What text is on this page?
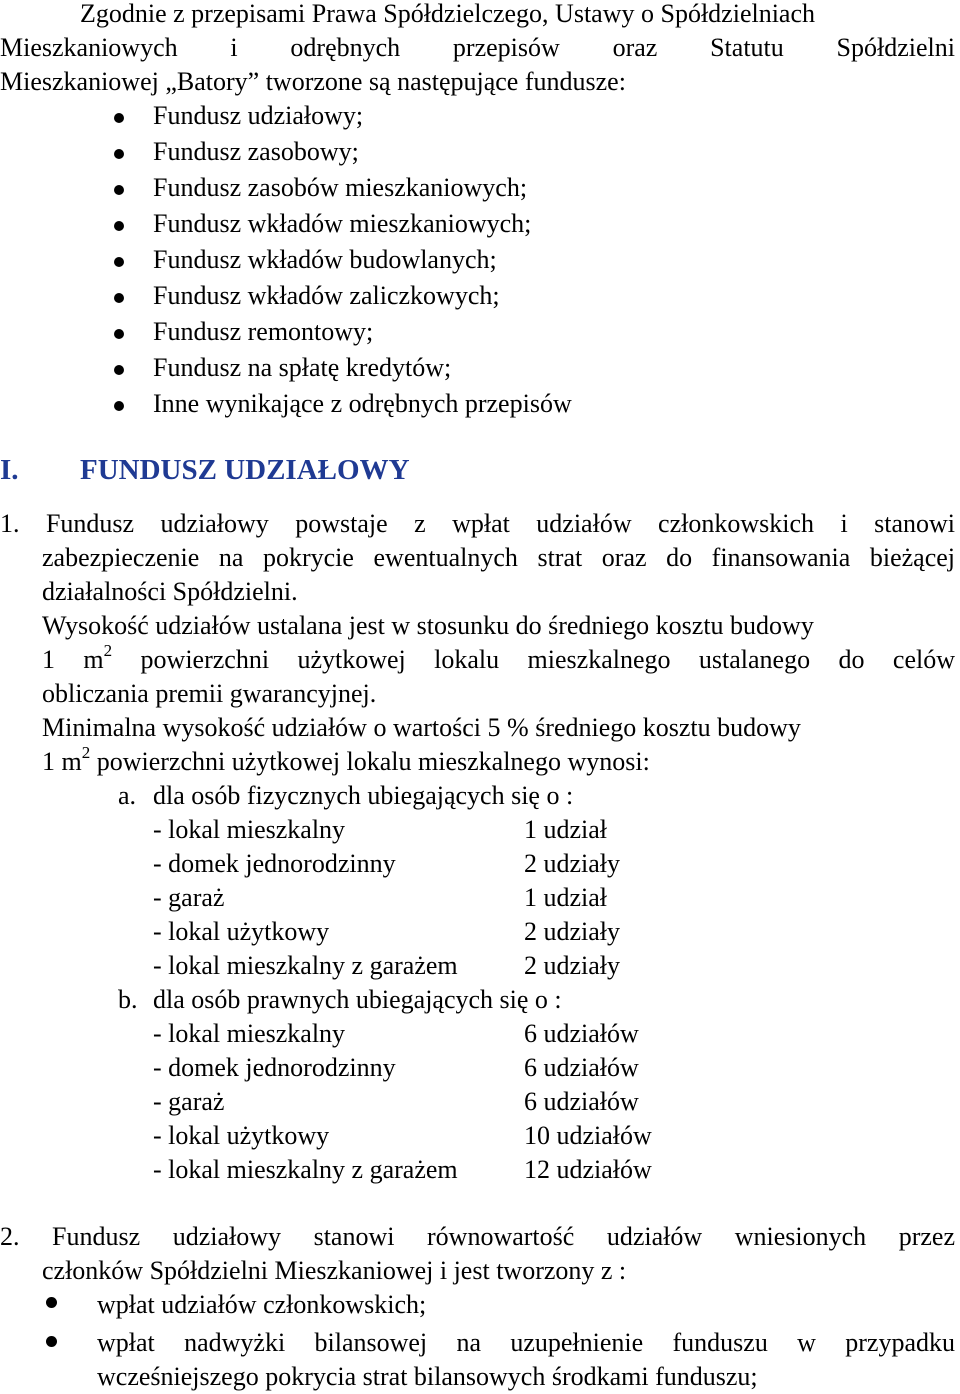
Zgodnie z przepisami Prawa Spółdzielczego, Ustawy o Spółdzielniach
Mieszkaniowych i odrębnych przepisów oraz Statutu Spółdzielni
Mieszkaniowej „Batory” tworzone są następujące fundusze:
Fundusz udziałowy;
Fundusz zasobowy;
Fundusz zasobów mieszkaniowych;
Fundusz wkładów mieszkaniowych;
Fundusz wkładów budowlanych;
Fundusz wkładów zaliczkowych;
Fundusz remontowy;
Fundusz na spłatę kredytów;
Inne wynikające z odrębnych przepisów
I. FUNDUSZ UDZIAŁOWY
1. Fundusz udziałowy powstaje z wpłat udziałów członkowskich i stanowi
zabezpieczenie na pokrycie ewentualnych strat oraz do finansowania bieżącej
działalności Spółdzielni.
Wysokość udziałów ustalana jest w stosunku do średniego kosztu budowy
1 $m^2$ powierzchni użytkowej lokalu mieszkalnego ustalanego do celów
obliczania premii gwarancyjnej.
Minimalna wysokość udziałów o wartości 5 % średniego kosztu budowy
1 $m^2$ powierzchni użytkowej lokalu mieszkalnego wynosi:
a. dla osób fizycznych ubiegających się o :
- lokal mieszkalny	1 udział
- domek jednorodzinny	2 udziały
- garaż	1 udział
- lokal użytkowy	2 udziały
- lokal mieszkalny z garażem	2 udziały
b. dla osób prawnych ubiegających się o :
- lokal mieszkalny	6 udziałów
- domek jednorodzinny	6 udziałów
- garaż	6 udziałów
- lokal użytkowy	10 udziałów
- lokal mieszkalny z garażem	12 udziałów
2. Fundusz udziałowy stanowi równowartość udziałów wniesionych przez
członków Spółdzielni Mieszkaniowej i jest tworzony z :
wpłat udziałów członkowskich;
wpłat nadwyżki bilansowej na uzupełnienie funduszu w przypadku
wcześniejszego pokrycia strat bilansowych środkami funduszu;
